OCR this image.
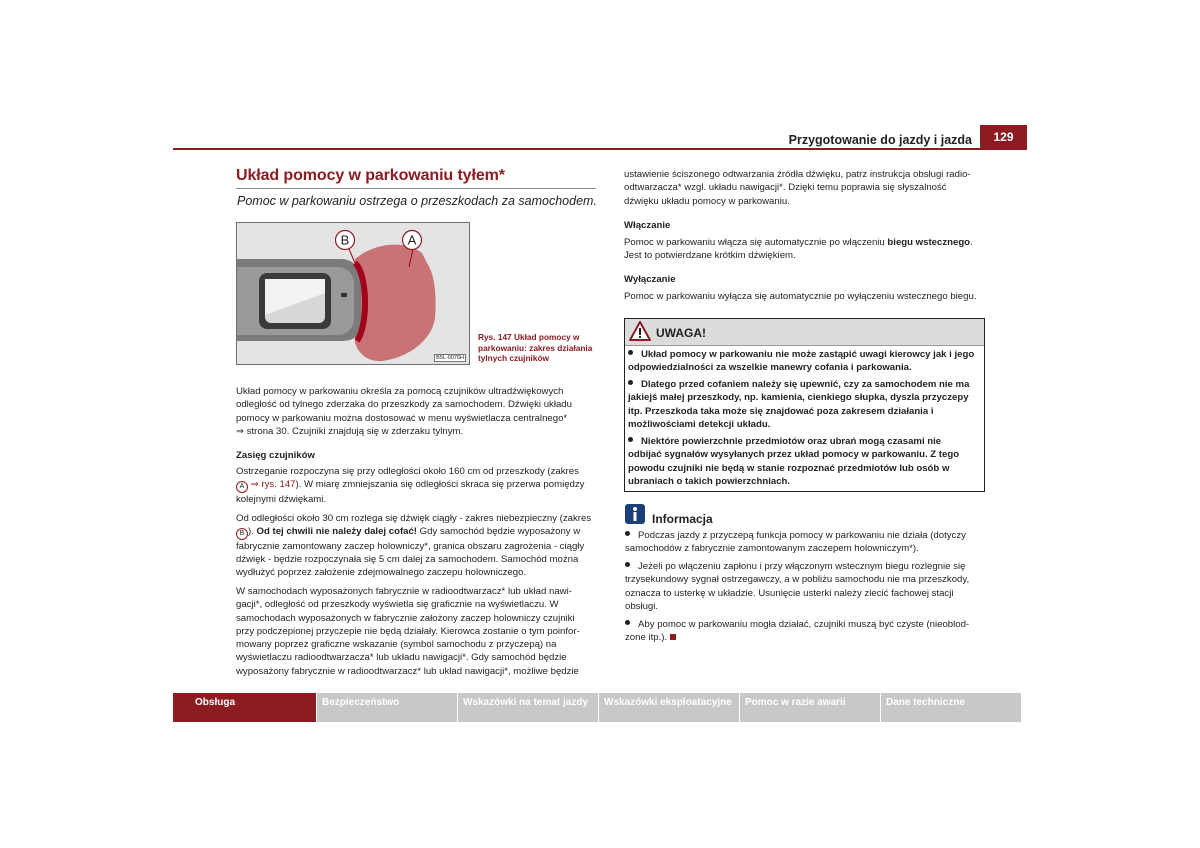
Przygotowanie do jazdy i jazda	129
Układ pomocy w parkowaniu tyłem*
Pomoc w parkowaniu ostrzega o przeszkodach za samochodem.
B	A
B5L-0076H
Rys. 147 Układ pomocy w
parkowaniu: zakres działania
tylnych czujników
Układ pomocy w parkowaniu określa za pomocą czujników ultradźwiękowych
odległość od tylnego zderzaka do przeszkody za samochodem. Dźwięki układu
pomocy w parkowaniu można dostosować w menu wyświetlacza centralnego*
⇒ strona 30. Czujniki znajdują się w zderzaku tylnym.
Zasięg czujników
Ostrzeganie rozpoczyna się przy odległości około 160 cm od przeszkody (zakres
A ⇒ rys. 147). W miarę zmniejszania się odległości skraca się przerwa pomiędzy
kolejnymi dźwiękami.
Od odległości około 30 cm rozlega się dźwięk ciągły - zakres niebezpieczny (zakres
B ). Od tej chwili nie należy dalej cofać! Gdy samochód będzie wyposażony w
fabrycznie zamontowany zaczep holowniczy*, granica obszaru zagrożenia - ciągły
dźwięk - będzie rozpoczynała się 5 cm dalej za samochodem. Samochód można
wydłużyć poprzez założenie zdejmowalnego zaczepu holowniczego.
W samochodach wyposażonych fabrycznie w radioodtwarzacz* lub układ nawi-
gacji*, odległość od przeszkody wyświetla się graficznie na wyświetlaczu. W
samochodach wyposażonych w fabrycznie założony zaczep holowniczy czujniki
przy podczepionej przyczepie nie będą działały. Kierowca zostanie o tym poinfor-
mowany poprzez graficzne wskazanie (symbol samochodu z przyczepą) na
wyświetlaczu radioodtwarzacza* lub układu nawigacji*. Gdy samochód będzie
wyposażony fabrycznie w radioodtwarzacz* lub układ nawigacji*, możliwe będzie
ustawienie ściszonego odtwarzania źródła dźwięku, patrz instrukcja obsługi radio-
odtwarzacza* wzgl. układu nawigacji*. Dzięki temu poprawia się słyszalność
dźwięku układu pomocy w parkowaniu.
Włączanie
Pomoc w parkowaniu włącza się automatycznie po włączeniu biegu wstecznego.
Jest to potwierdzane krótkim dźwiękiem.
Wyłączanie
Pomoc w parkowaniu wyłącza się automatycznie po wyłączeniu wstecznego biegu.
UWAGA!
Układ pomocy w parkowaniu nie może zastąpić uwagi kierowcy jak i jego
odpowiedzialności za wszelkie manewry cofania i parkowania.
Dlatego przed cofaniem należy się upewnić, czy za samochodem nie ma
jakiejś małej przeszkody, np. kamienia, cienkiego słupka, dyszla przyczepy
itp. Przeszkoda taka może się znajdować poza zakresem działania i
możliwościami detekcji układu.
Niektóre powierzchnie przedmiotów oraz ubrań mogą czasami nie
odbijać sygnałów wysyłanych przez układ pomocy w parkowaniu. Z tego
powodu czujniki nie będą w stanie rozpoznać przedmiotów lub osób w
ubraniach o takich powierzchniach.
Informacja
Podczas jazdy z przyczepą funkcja pomocy w parkowaniu nie działa (dotyczy
samochodów z fabrycznie zamontowanym zaczepem holowniczym*).
Jeżeli po włączeniu zapłonu i przy włączonym wstecznym biegu rozlegnie się
trzysekundowy sygnał ostrzegawczy, a w pobliżu samochodu nie ma przeszkody,
oznacza to usterkę w układzie. Usunięcie usterki należy zlecić fachowej stacji
obsługi.
Aby pomoc w parkowaniu mogła działać, czujniki muszą być czyste (nieoblod-
zone itp.).
Obsługa	Bezpieczeństwo	Wskazówki na temat jazdy	Wskazówki eksploatacyjne	Pomoc w razie awarii	Dane techniczne
